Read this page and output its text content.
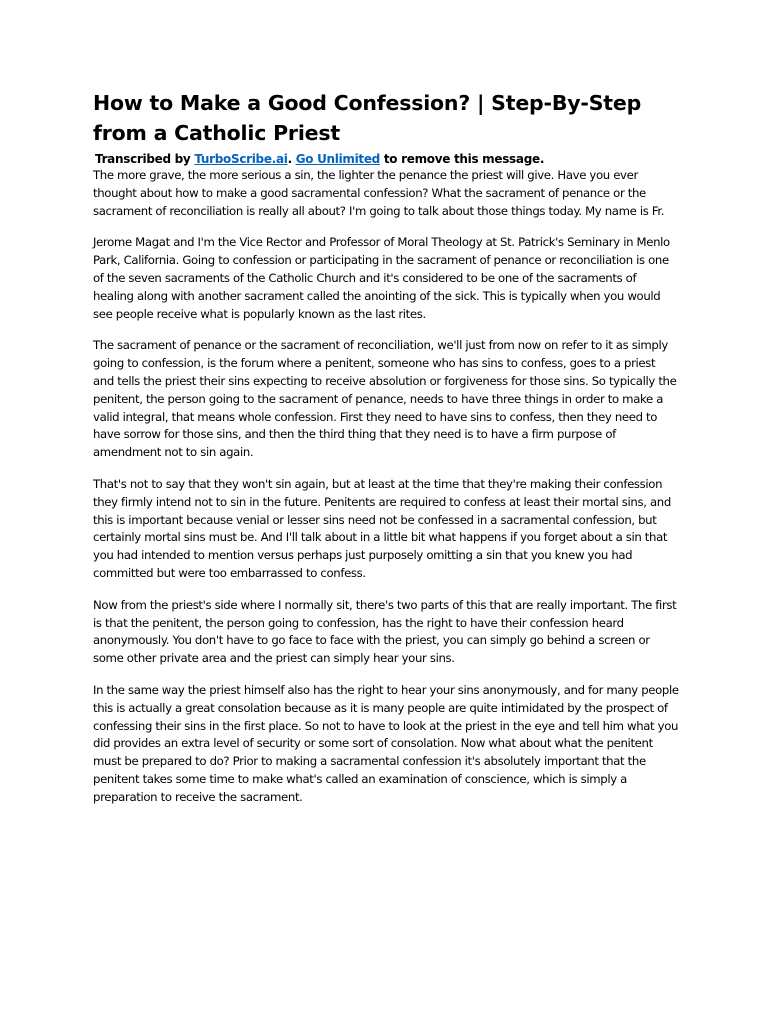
How to Make a Good Confession? | Step-By-Step from a Catholic Priest

Transcribed by TurboScribe.ai. Go Unlimited to remove this message.

The more grave, the more serious a sin, the lighter the penance the priest will give. Have you ever thought about how to make a good sacramental confession? What the sacrament of penance or the sacrament of reconciliation is really all about? I'm going to talk about those things today. My name is Fr.

Jerome Magat and I'm the Vice Rector and Professor of Moral Theology at St. Patrick's Seminary in Menlo Park, California. Going to confession or participating in the sacrament of penance or reconciliation is one of the seven sacraments of the Catholic Church and it's considered to be one of the sacraments of healing along with another sacrament called the anointing of the sick. This is typically when you would see people receive what is popularly known as the last rites.

The sacrament of penance or the sacrament of reconciliation, we'll just from now on refer to it as simply going to confession, is the forum where a penitent, someone who has sins to confess, goes to a priest and tells the priest their sins expecting to receive absolution or forgiveness for those sins. So typically the penitent, the person going to the sacrament of penance, needs to have three things in order to make a valid integral, that means whole confession. First they need to have sins to confess, then they need to have sorrow for those sins, and then the third thing that they need is to have a firm purpose of amendment not to sin again.

That's not to say that they won't sin again, but at least at the time that they're making their confession they firmly intend not to sin in the future. Penitents are required to confess at least their mortal sins, and this is important because venial or lesser sins need not be confessed in a sacramental confession, but certainly mortal sins must be. And I'll talk about in a little bit what happens if you forget about a sin that you had intended to mention versus perhaps just purposely omitting a sin that you knew you had committed but were too embarrassed to confess.

Now from the priest's side where I normally sit, there's two parts of this that are really important. The first is that the penitent, the person going to confession, has the right to have their confession heard anonymously. You don't have to go face to face with the priest, you can simply go behind a screen or some other private area and the priest can simply hear your sins.

In the same way the priest himself also has the right to hear your sins anonymously, and for many people this is actually a great consolation because as it is many people are quite intimidated by the prospect of confessing their sins in the first place. So not to have to look at the priest in the eye and tell him what you did provides an extra level of security or some sort of consolation. Now what about what the penitent must be prepared to do? Prior to making a sacramental confession it's absolutely important that the penitent takes some time to make what's called an examination of conscience, which is simply a preparation to receive the sacrament.
